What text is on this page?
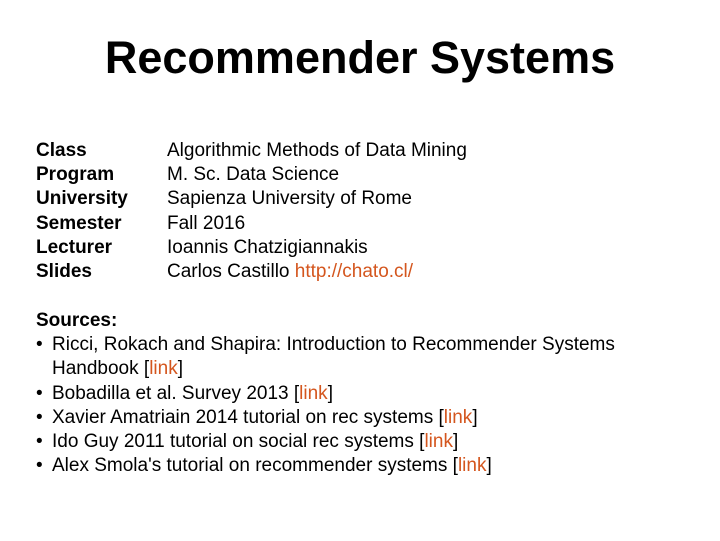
Recommender Systems
Class	Algorithmic Methods of Data Mining
Program	M. Sc. Data Science
University	Sapienza University of Rome
Semester	Fall 2016
Lecturer	Ioannis Chatzigiannakis
Slides	Carlos Castillo http://chato.cl/
Sources:
• Ricci, Rokach and Shapira: Introduction to Recommender Systems Handbook [link]
• Bobadilla et al. Survey 2013 [link]
• Xavier Amatriain 2014 tutorial on rec systems [link]
• Ido Guy 2011 tutorial on social rec systems [link]
• Alex Smola's tutorial on recommender systems [link]
